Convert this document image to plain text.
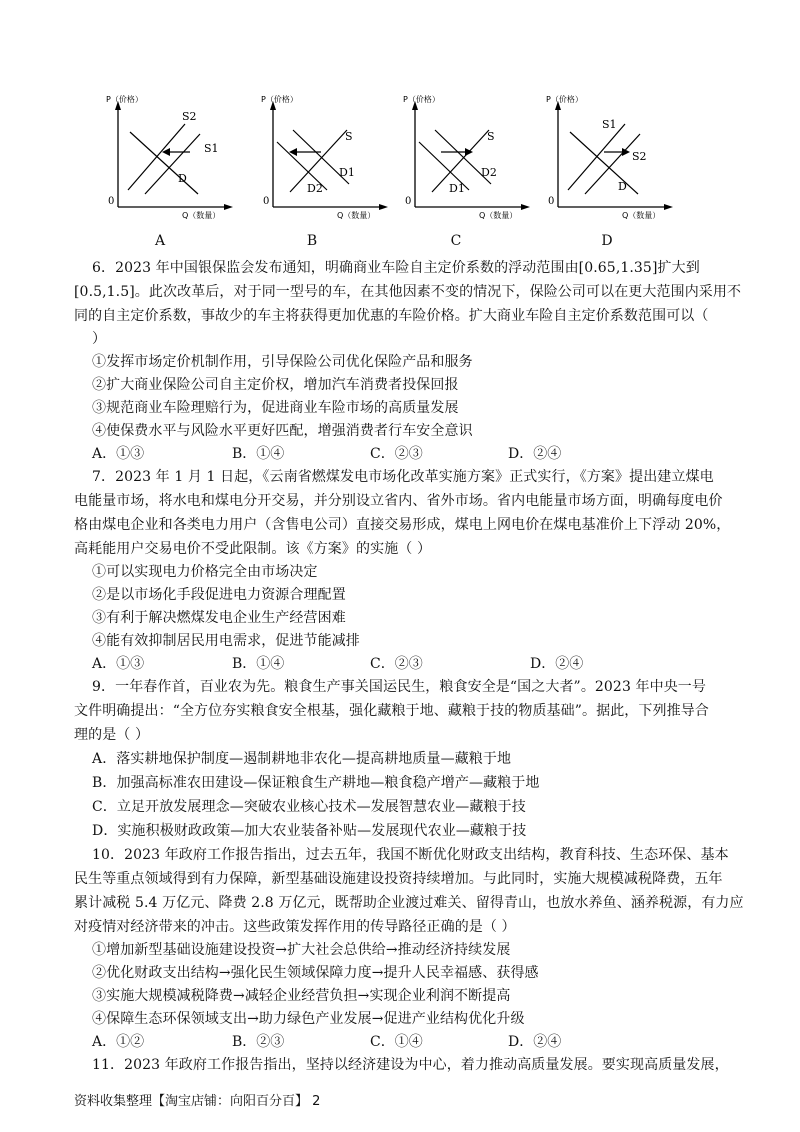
P（价格）
Q（数量）
0
S2
S1
D
A
P（价格）
Q（数量）
0
S
D1
D2
B
P（价格）
Q（数量）
0
S
D2
D1
C
P（价格）
Q（数量）
0
S1
S2
D
D
6．2023 年中国银保监会发布通知，明确商业车险自主定价系数的浮动范围由[0.65,1.35]扩大到
[0.5,1.5]。此次改革后，对于同一型号的车，在其他因素不变的情况下，保险公司可以在更大范围内采用不
同的自主定价系数，事故少的车主将获得更加优惠的车险价格。扩大商业车险自主定价系数范围可以（
）
①发挥市场定价机制作用，引导保险公司优化保险产品和服务
②扩大商业保险公司自主定价权，增加汽车消费者投保回报
③规范商业车险理赔行为，促进商业车险市场的高质量发展
④使保费水平与风险水平更好匹配，增强消费者行车安全意识
A．①③	B．①④	C．②③	D．②④
7．2023 年 1 月 1 日起，《云南省燃煤发电市场化改革实施方案》正式实行，《方案》提出建立煤电
电能量市场，将水电和煤电分开交易，并分别设立省内、省外市场。省内电能量市场方面，明确每度电价
格由煤电企业和各类电力用户（含售电公司）直接交易形成，煤电上网电价在煤电基准价上下浮动 20%，
高耗能用户交易电价不受此限制。该《方案》的实施（ ）
①可以实现电力价格完全由市场决定
②是以市场化手段促进电力资源合理配置
③有利于解决燃煤发电企业生产经营困难
④能有效抑制居民用电需求，促进节能减排
A．①③	B．①④	C．②③	D．②④
9．一年春作首，百业农为先。粮食生产事关国运民生，粮食安全是“国之大者”。2023 年中央一号
文件明确提出：“全方位夯实粮食安全根基，强化藏粮于地、藏粮于技的物质基础”。据此，下列推导合
理的是（ ）
A．落实耕地保护制度—遏制耕地非农化—提高耕地质量—藏粮于地
B．加强高标准农田建设—保证粮食生产耕地—粮食稳产增产—藏粮于地
C．立足开放发展理念—突破农业核心技术—发展智慧农业—藏粮于技
D．实施积极财政政策—加大农业装备补贴—发展现代农业—藏粮于技
10．2023 年政府工作报告指出，过去五年，我国不断优化财政支出结构，教育科技、生态环保、基本
民生等重点领域得到有力保障，新型基础设施建设投资持续增加。与此同时，实施大规模减税降费，五年
累计减税 5.4 万亿元、降费 2.8 万亿元，既帮助企业渡过难关、留得青山，也放水养鱼、涵养税源，有力应
对疫情对经济带来的冲击。这些政策发挥作用的传导路径正确的是（ ）
①增加新型基础设施建设投资→扩大社会总供给→推动经济持续发展
②优化财政支出结构→强化民生领域保障力度→提升人民幸福感、获得感
③实施大规模减税降费→减轻企业经营负担→实现企业利润不断提高
④保障生态环保领域支出→助力绿色产业发展→促进产业结构优化升级
A．①②	B．②③	C．①④	D．②④
11．2023 年政府工作报告指出，坚持以经济建设为中心，着力推动高质量发展。要实现高质量发展，
资料收集整理【淘宝店铺：向阳百分百】 2
